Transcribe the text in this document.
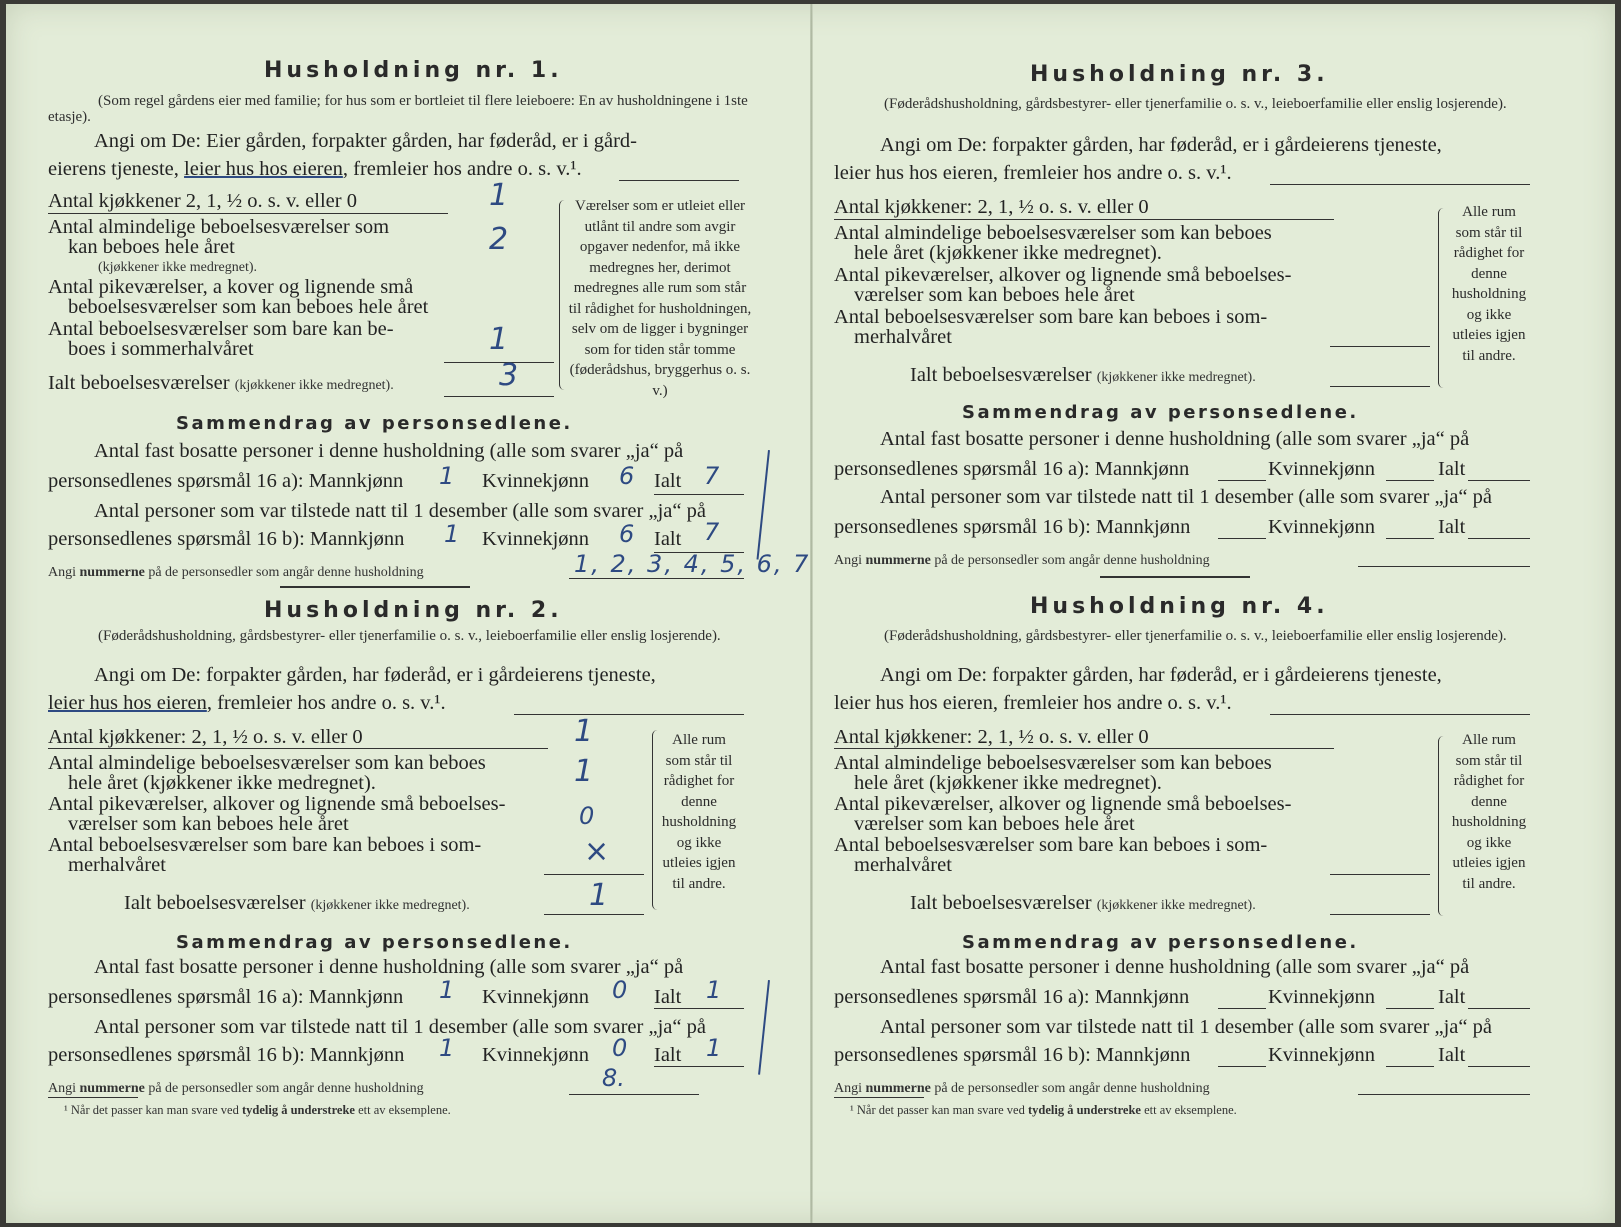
Husholdning nr. 1.
(Som regel gårdens eier med familie; for hus som er bortleiet til flere leieboere: En av husholdningene i 1ste etasje).
Angi om De: Eier gården, forpakter gården, har føderåd, er i gård-
eierens tjeneste, leier hus hos eieren, fremleier hos andre o. s. v.¹.
Antal kjøkkener 2, 1, ½ o. s. v. eller 0	1
Antal almindelige beboelsesværelser som
kan beboes hele året
(kjøkkener ikke medregnet).
2
Antal pikeværelser, a kover og lignende små
beboelsesværelser som kan beboes hele året
Antal beboelsesværelser som bare kan be-
boes i sommerhalvåret	1
Ialt beboelsesværelser (kjøkkener ikke medregnet).	3
Værelser som er utleiet eller utlånt til andre som avgir opgaver nedenfor, må ikke medregnes her, derimot medregnes alle rum som står til rådighet for husholdningen, selv om de ligger i bygninger som for tiden står tomme (føderådshus, bryggerhus o. s. v.)
Sammendrag av personsedlene.
Antal fast bosatte personer i denne husholdning (alle som svarer „ja“ på
personsedlenes spørsmål 16 a): Mannkjønn 1 Kvinnekjønn 6 Ialt 7
Antal personer som var tilstede natt til 1 desember (alle som svarer „ja“ på
personsedlenes spørsmål 16 b): Mannkjønn 1 Kvinnekjønn 6 Ialt 7
Angi nummerne på de personsedler som angår denne husholdning	1, 2, 3, 4, 5, 6, 7
Husholdning nr. 2.
(Føderådshusholdning, gårdsbestyrer- eller tjenerfamilie o. s. v., leieboerfamilie eller enslig losjerende).
Angi om De: forpakter gården, har føderåd, er i gårdeierens tjeneste,
leier hus hos eieren, fremleier hos andre o. s. v.¹.
Antal kjøkkener: 2, 1, ½ o. s. v. eller 0	1
Antal almindelige beboelsesværelser som kan beboes
hele året (kjøkkener ikke medregnet).	1
Antal pikeværelser, alkover og lignende små beboelses-
værelser som kan beboes hele året	0
Antal beboelsesværelser som bare kan beboes i som-
merhalvåret	×
Ialt beboelsesværelser (kjøkkener ikke medregnet).	1
Alle rum som står til rådighet for denne husholdning og ikke utleies igjen til andre.
Sammendrag av personsedlene.
Antal fast bosatte personer i denne husholdning (alle som svarer „ja“ på
personsedlenes spørsmål 16 a): Mannkjønn 1 Kvinnekjønn 0 Ialt 1
Antal personer som var tilstede natt til 1 desember (alle som svarer „ja“ på
personsedlenes spørsmål 16 b): Mannkjønn 1 Kvinnekjønn 0 Ialt 1
Angi nummerne på de personsedler som angår denne husholdning	8.
¹ Når det passer kan man svare ved tydelig å understreke ett av eksemplene.
Husholdning nr. 3.
(Føderådshusholdning, gårdsbestyrer- eller tjenerfamilie o. s. v., leieboerfamilie eller enslig losjerende).
Angi om De: forpakter gården, har føderåd, er i gårdeierens tjeneste,
leier hus hos eieren, fremleier hos andre o. s. v.¹.
Antal kjøkkener: 2, 1, ½ o. s. v. eller 0
Antal almindelige beboelsesværelser som kan beboes
hele året (kjøkkener ikke medregnet).
Antal pikeværelser, alkover og lignende små beboelses-
værelser som kan beboes hele året
Antal beboelsesværelser som bare kan beboes i som-
merhalvåret
Ialt beboelsesværelser (kjøkkener ikke medregnet).
Alle rum som står til rådighet for denne husholdning og ikke utleies igjen til andre.
Sammendrag av personsedlene.
Antal fast bosatte personer i denne husholdning (alle som svarer „ja“ på
personsedlenes spørsmål 16 a): Mannkjønn	Kvinnekjønn	Ialt
Antal personer som var tilstede natt til 1 desember (alle som svarer „ja“ på
personsedlenes spørsmål 16 b): Mannkjønn	Kvinnekjønn	Ialt
Angi nummerne på de personsedler som angår denne husholdning
Husholdning nr. 4.
(Føderådshusholdning, gårdsbestyrer- eller tjenerfamilie o. s. v., leieboerfamilie eller enslig losjerende).
Angi om De: forpakter gården, har føderåd, er i gårdeierens tjeneste,
leier hus hos eieren, fremleier hos andre o. s. v.¹.
Antal kjøkkener: 2, 1, ½ o. s. v. eller 0
Antal almindelige beboelsesværelser som kan beboes
hele året (kjøkkener ikke medregnet).
Antal pikeværelser, alkover og lignende små beboelses-
værelser som kan beboes hele året
Antal beboelsesværelser som bare kan beboes i som-
merhalvåret
Ialt beboelsesværelser (kjøkkener ikke medregnet).
Alle rum som står til rådighet for denne husholdning og ikke utleies igjen til andre.
Sammendrag av personsedlene.
Antal fast bosatte personer i denne husholdning (alle som svarer „ja“ på
personsedlenes spørsmål 16 a): Mannkjønn	Kvinnekjønn	Ialt
Antal personer som var tilstede natt til 1 desember (alle som svarer „ja“ på
personsedlenes spørsmål 16 b): Mannkjønn	Kvinnekjønn	Ialt
Angi nummerne på de personsedler som angår denne husholdning
¹ Når det passer kan man svare ved tydelig å understreke ett av eksemplene.
